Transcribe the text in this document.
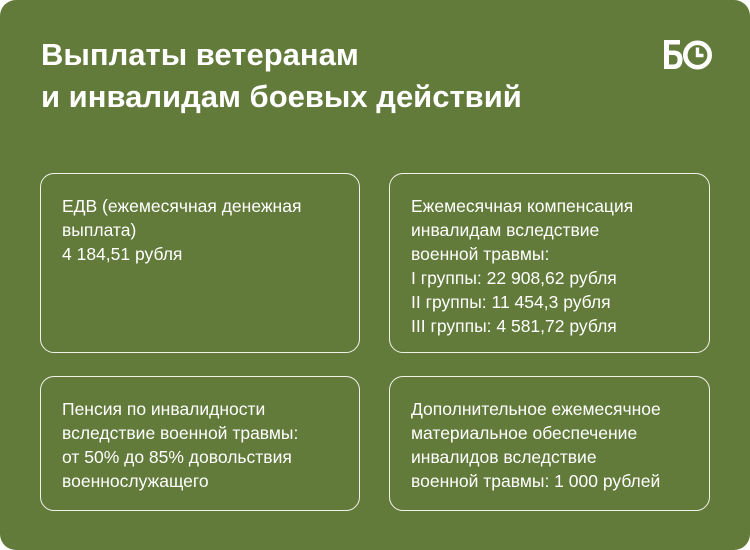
Выплаты ветеранам
и инвалидам боевых действий
ЕДВ (ежемесячная денежная
выплата)
4 184,51 рубля
Ежемесячная компенсация
инвалидам вследствие
военной травмы:
I группы: 22 908,62 рубля
II группы: 11 454,3 рубля
III группы: 4 581,72 рубля
Пенсия по инвалидности
вследствие военной травмы:
от 50% до 85% довольствия
военнослужащего
Дополнительное ежемесячное
материальное обеспечение
инвалидов вследствие
военной травмы: 1 000 рублей
